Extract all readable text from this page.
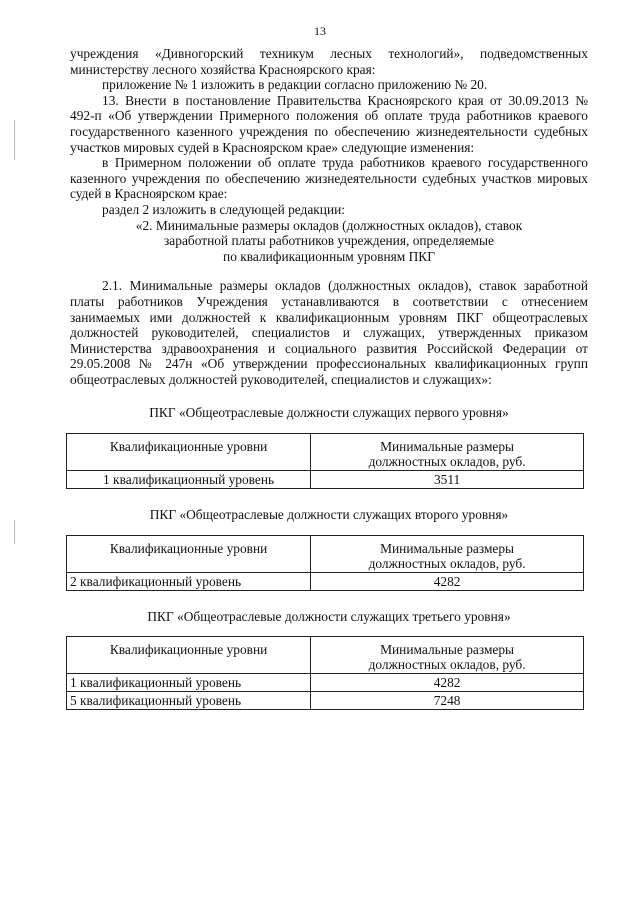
13

учреждения «Дивногорский техникум лесных технологий», подведомственных министерству лесного хозяйства Красноярского края:

приложение № 1 изложить в редакции согласно приложению № 20.

13. Внести в постановление Правительства Красноярского края от 30.09.2013 № 492-п «Об утверждении Примерного положения об оплате труда работников краевого государственного казенного учреждения по обеспечению жизнедеятельности судебных участков мировых судей в Красноярском крае» следующие изменения:

в Примерном положении об оплате труда работников краевого государственного казенного учреждения по обеспечению жизнедеятельности судебных участков мировых судей в Красноярском крае:

раздел 2 изложить в следующей редакции:

«2. Минимальные размеры окладов (должностных окладов), ставок

заработной платы работников учреждения, определяемые

по квалификационным уровням ПКГ

2.1. Минимальные размеры окладов (должностных окладов), ставок заработной платы работников Учреждения устанавливаются в соответствии с отнесением занимаемых ими должностей к квалификационным уровням ПКГ общеотраслевых должностей руководителей, специалистов и служащих, утвержденных приказом Министерства здравоохранения и социального развития Российской Федерации от 29.05.2008 № 247н «Об утверждении профессиональных квалификационных групп общеотраслевых должностей руководителей, специалистов и служащих»:

ПКГ «Общеотраслевые должности служащих первого уровня»
Квалификационные уровни	Минимальные размеры
должностных окладов, руб.
1 квалификационный уровень	3511
ПКГ «Общеотраслевые должности служащих второго уровня»
Квалификационные уровни	Минимальные размеры
должностных окладов, руб.
2 квалификационный уровень	4282
ПКГ «Общеотраслевые должности служащих третьего уровня»
Квалификационные уровни	Минимальные размеры
должностных окладов, руб.
1 квалификационный уровень	4282
5 квалификационный уровень	7248
